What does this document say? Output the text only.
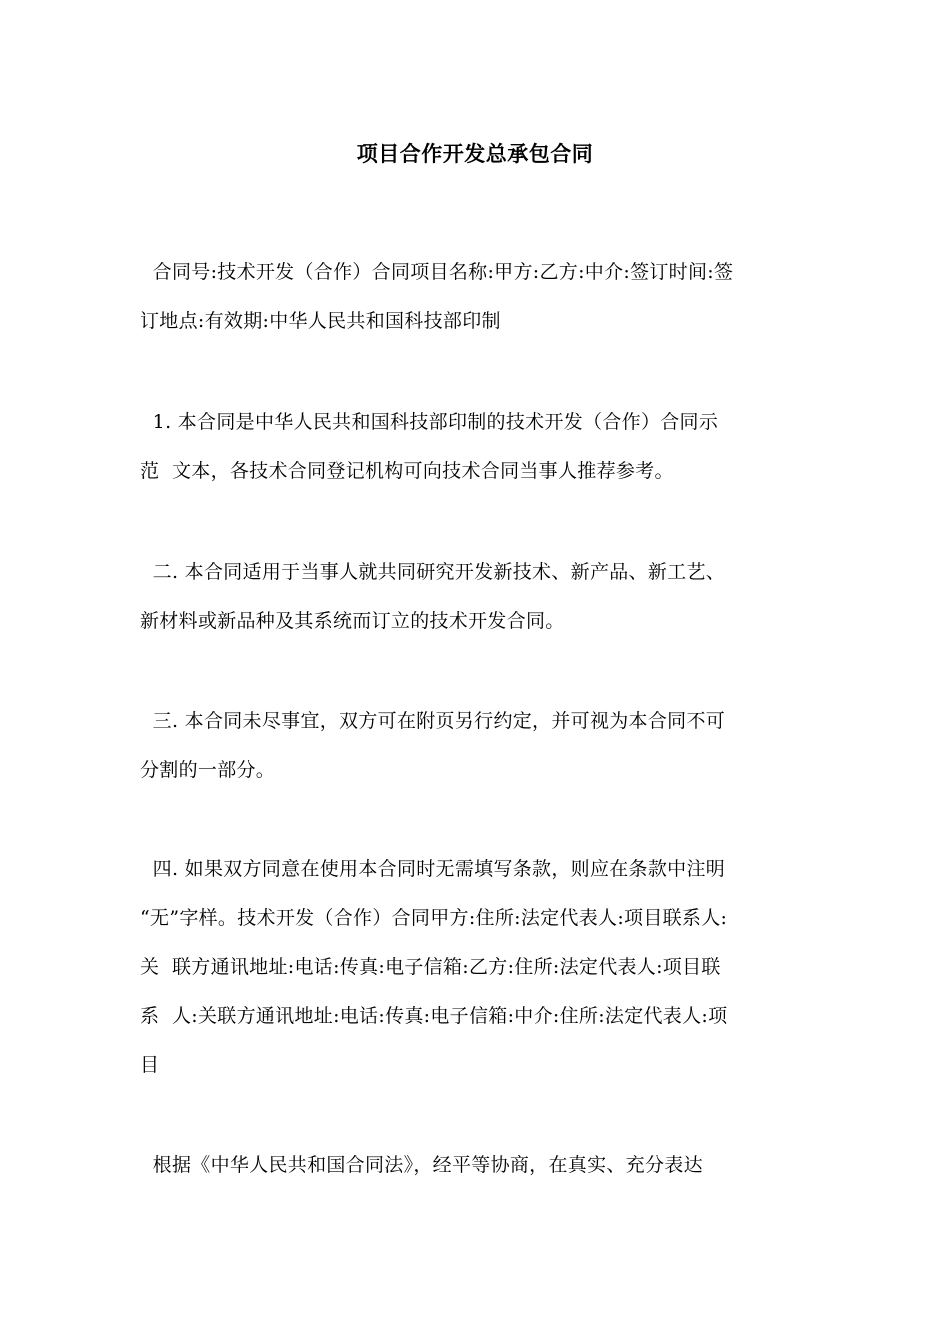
项目合作开发总承包合同
合同号:技术开发（合作）合同项目名称:甲方:乙方:中介:签订时间:签
订地点:有效期:中华人民共和国科技部印制
1. 本合同是中华人民共和国科技部印制的技术开发（合作）合同示
范  文本，各技术合同登记机构可向技术合同当事人推荐参考。
二. 本合同适用于当事人就共同研究开发新技术、新产品、新工艺、
新材料或新品种及其系统而订立的技术开发合同。
三. 本合同未尽事宜，双方可在附页另行约定，并可视为本合同不可
分割的一部分。
四. 如果双方同意在使用本合同时无需填写条款，则应在条款中注明
“无”字样。技术开发（合作）合同甲方:住所:法定代表人:项目联系人:
关  联方通讯地址:电话:传真:电子信箱:乙方:住所:法定代表人:项目联
系  人:关联方通讯地址:电话:传真:电子信箱:中介:住所:法定代表人:项
目
根据《中华人民共和国合同法》，经平等协商，在真实、充分表达
